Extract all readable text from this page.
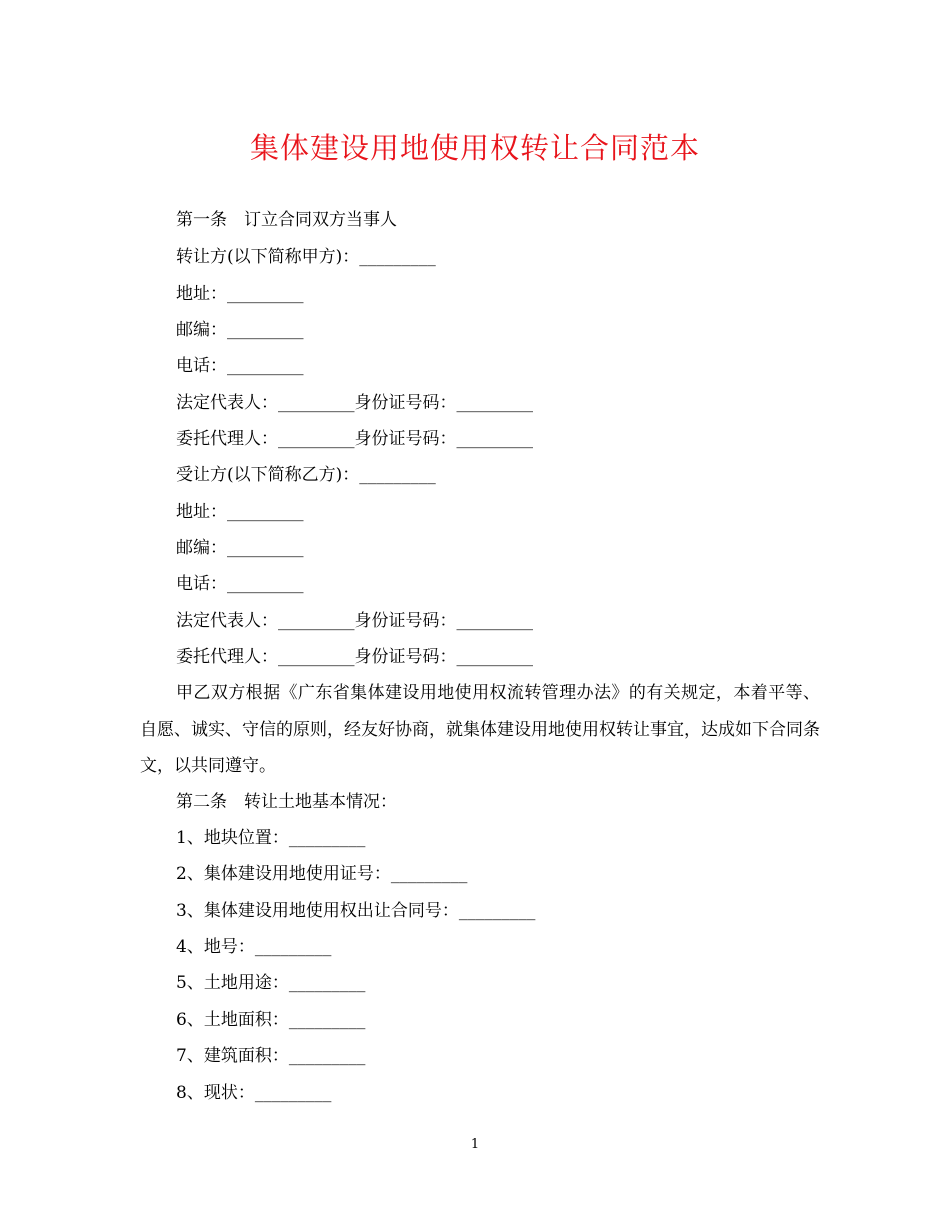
集体建设用地使用权转让合同范本
第一条　订立合同双方当事人
转让方(以下简称甲方)：_________
地址：_________
邮编：_________
电话：_________
法定代表人：_________身份证号码：_________
委托代理人：_________身份证号码：_________
受让方(以下简称乙方)：_________
地址：_________
邮编：_________
电话：_________
法定代表人：_________身份证号码：_________
委托代理人：_________身份证号码：_________
甲乙双方根据《广东省集体建设用地使用权流转管理办法》的有关规定，本着平等、自愿、诚实、守信的原则，经友好协商，就集体建设用地使用权转让事宜，达成如下合同条文，以共同遵守。
第二条　转让土地基本情况：
1、地块位置：_________
2、集体建设用地使用证号：_________
3、集体建设用地使用权出让合同号：_________
4、地号：_________
5、土地用途：_________
6、土地面积：_________
7、建筑面积：_________
8、现状：_________
1
